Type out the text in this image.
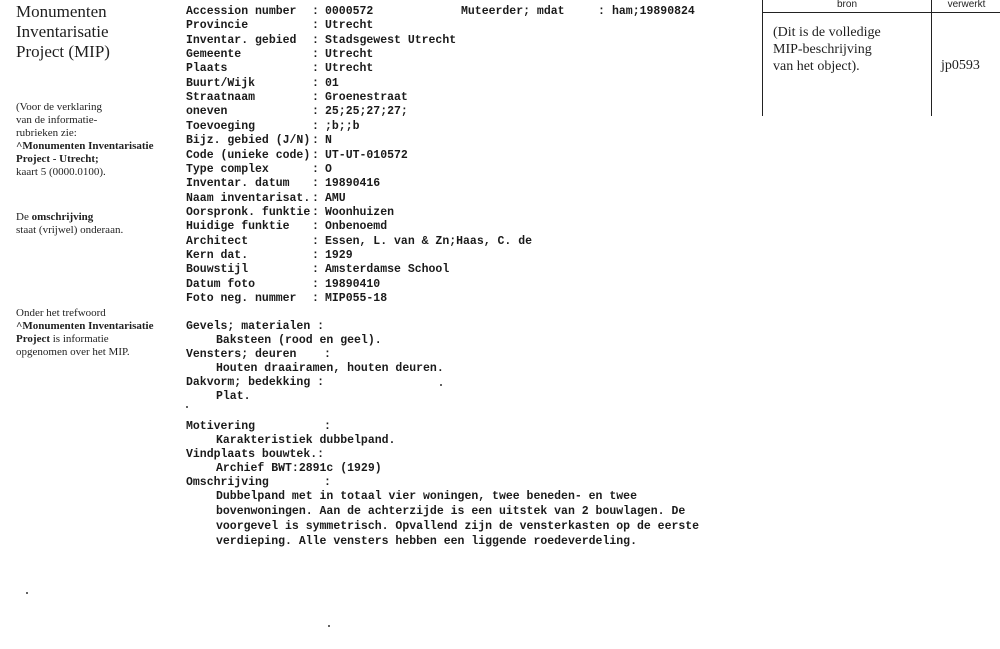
Monumenten
Inventarisatie
Project (MIP)
(Voor de verklaring
van de informatie-
rubrieken zie:
^Monumenten Inventarisatie
Project - Utrecht;
kaart 5 (0000.0100).
De omschrijving
staat (vrijwel) onderaan.
Onder het trefwoord
^Monumenten Inventarisatie
Project is informatie
opgenomen over het MIP.
bron	verwerkt
(Dit is de volledige
MIP-beschrijving
van het object).	jp0593
Muteerder; mdat	: ham;19890824
Accession number : 0000572
Provincie	: Utrecht
Inventar. gebied : Stadsgewest Utrecht
Gemeente	: Utrecht
Plaats	: Utrecht
Buurt/Wijk	: 01
Straatnaam	: Groenestraat
oneven	: 25;25;27;27;
Toevoeging	: ;b;;b
Bijz. gebied (J/N) : N
Code (unieke code) : UT-UT-010572
Type complex	: O
Inventar. datum : 19890416
Naam inventarisat. : AMU
Oorspronk. funktie : Woonhuizen
Huidige funktie : Onbenoemd
Architect	: Essen, L. van & Zn;Haas, C. de
Kern dat.	: 1929
Bouwstijl	: Amsterdamse School
Datum foto	: 19890410
Foto neg. nummer : MIP055-18
Gevels; materialen :
Baksteen (rood en geel).
Vensters; deuren    :
Houten draairamen, houten deuren.
Dakvorm; bedekking :
Plat.
Motivering          :
Karakteristiek dubbelpand.
Vindplaats bouwtek.:
Archief BWT:2891c (1929)
Omschrijving        :
Dubbelpand met in totaal vier woningen, twee beneden- en twee
bovenwoningen. Aan de achterzijde is een uitstek van 2 bouwlagen. De
voorgevel is symmetrisch. Opvallend zijn de vensterkasten op de eerste
verdieping. Alle vensters hebben een liggende roedeverdeling.
